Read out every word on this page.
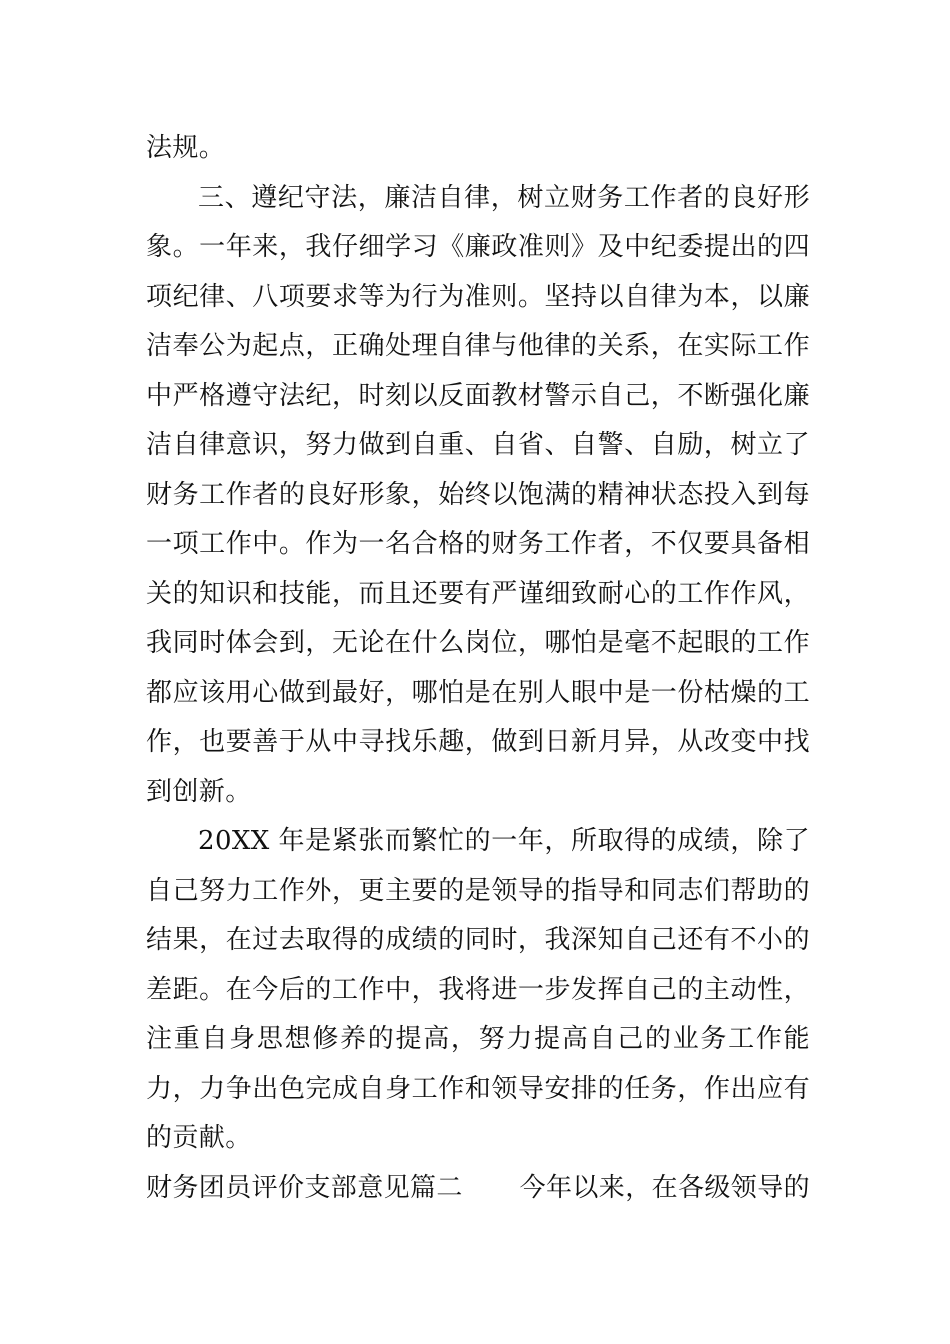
法规。

三、遵纪守法，廉洁自律，树立财务工作者的良好形象。一年来，我仔细学习《廉政准则》及中纪委提出的四项纪律、八项要求等为行为准则。坚持以自律为本，以廉洁奉公为起点，正确处理自律与他律的关系，在实际工作中严格遵守法纪，时刻以反面教材警示自己，不断强化廉洁自律意识，努力做到自重、自省、自警、自励，树立了财务工作者的良好形象，始终以饱满的精神状态投入到每一项工作中。作为一名合格的财务工作者，不仅要具备相关的知识和技能，而且还要有严谨细致耐心的工作作风，我同时体会到，无论在什么岗位，哪怕是毫不起眼的工作都应该用心做到最好，哪怕是在别人眼中是一份枯燥的工作，也要善于从中寻找乐趣，做到日新月异，从改变中找到创新。

20XX 年是紧张而繁忙的一年，所取得的成绩，除了自己努力工作外，更主要的是领导的指导和同志们帮助的结果，在过去取得的成绩的同时，我深知自己还有不小的差距。在今后的工作中，我将进一步发挥自己的主动性，注重自身思想修养的提高，努力提高自己的业务工作能力，力争出色完成自身工作和领导安排的任务，作出应有的贡献。

财务团员评价支部意见篇二 今年以来，在各级领导的
